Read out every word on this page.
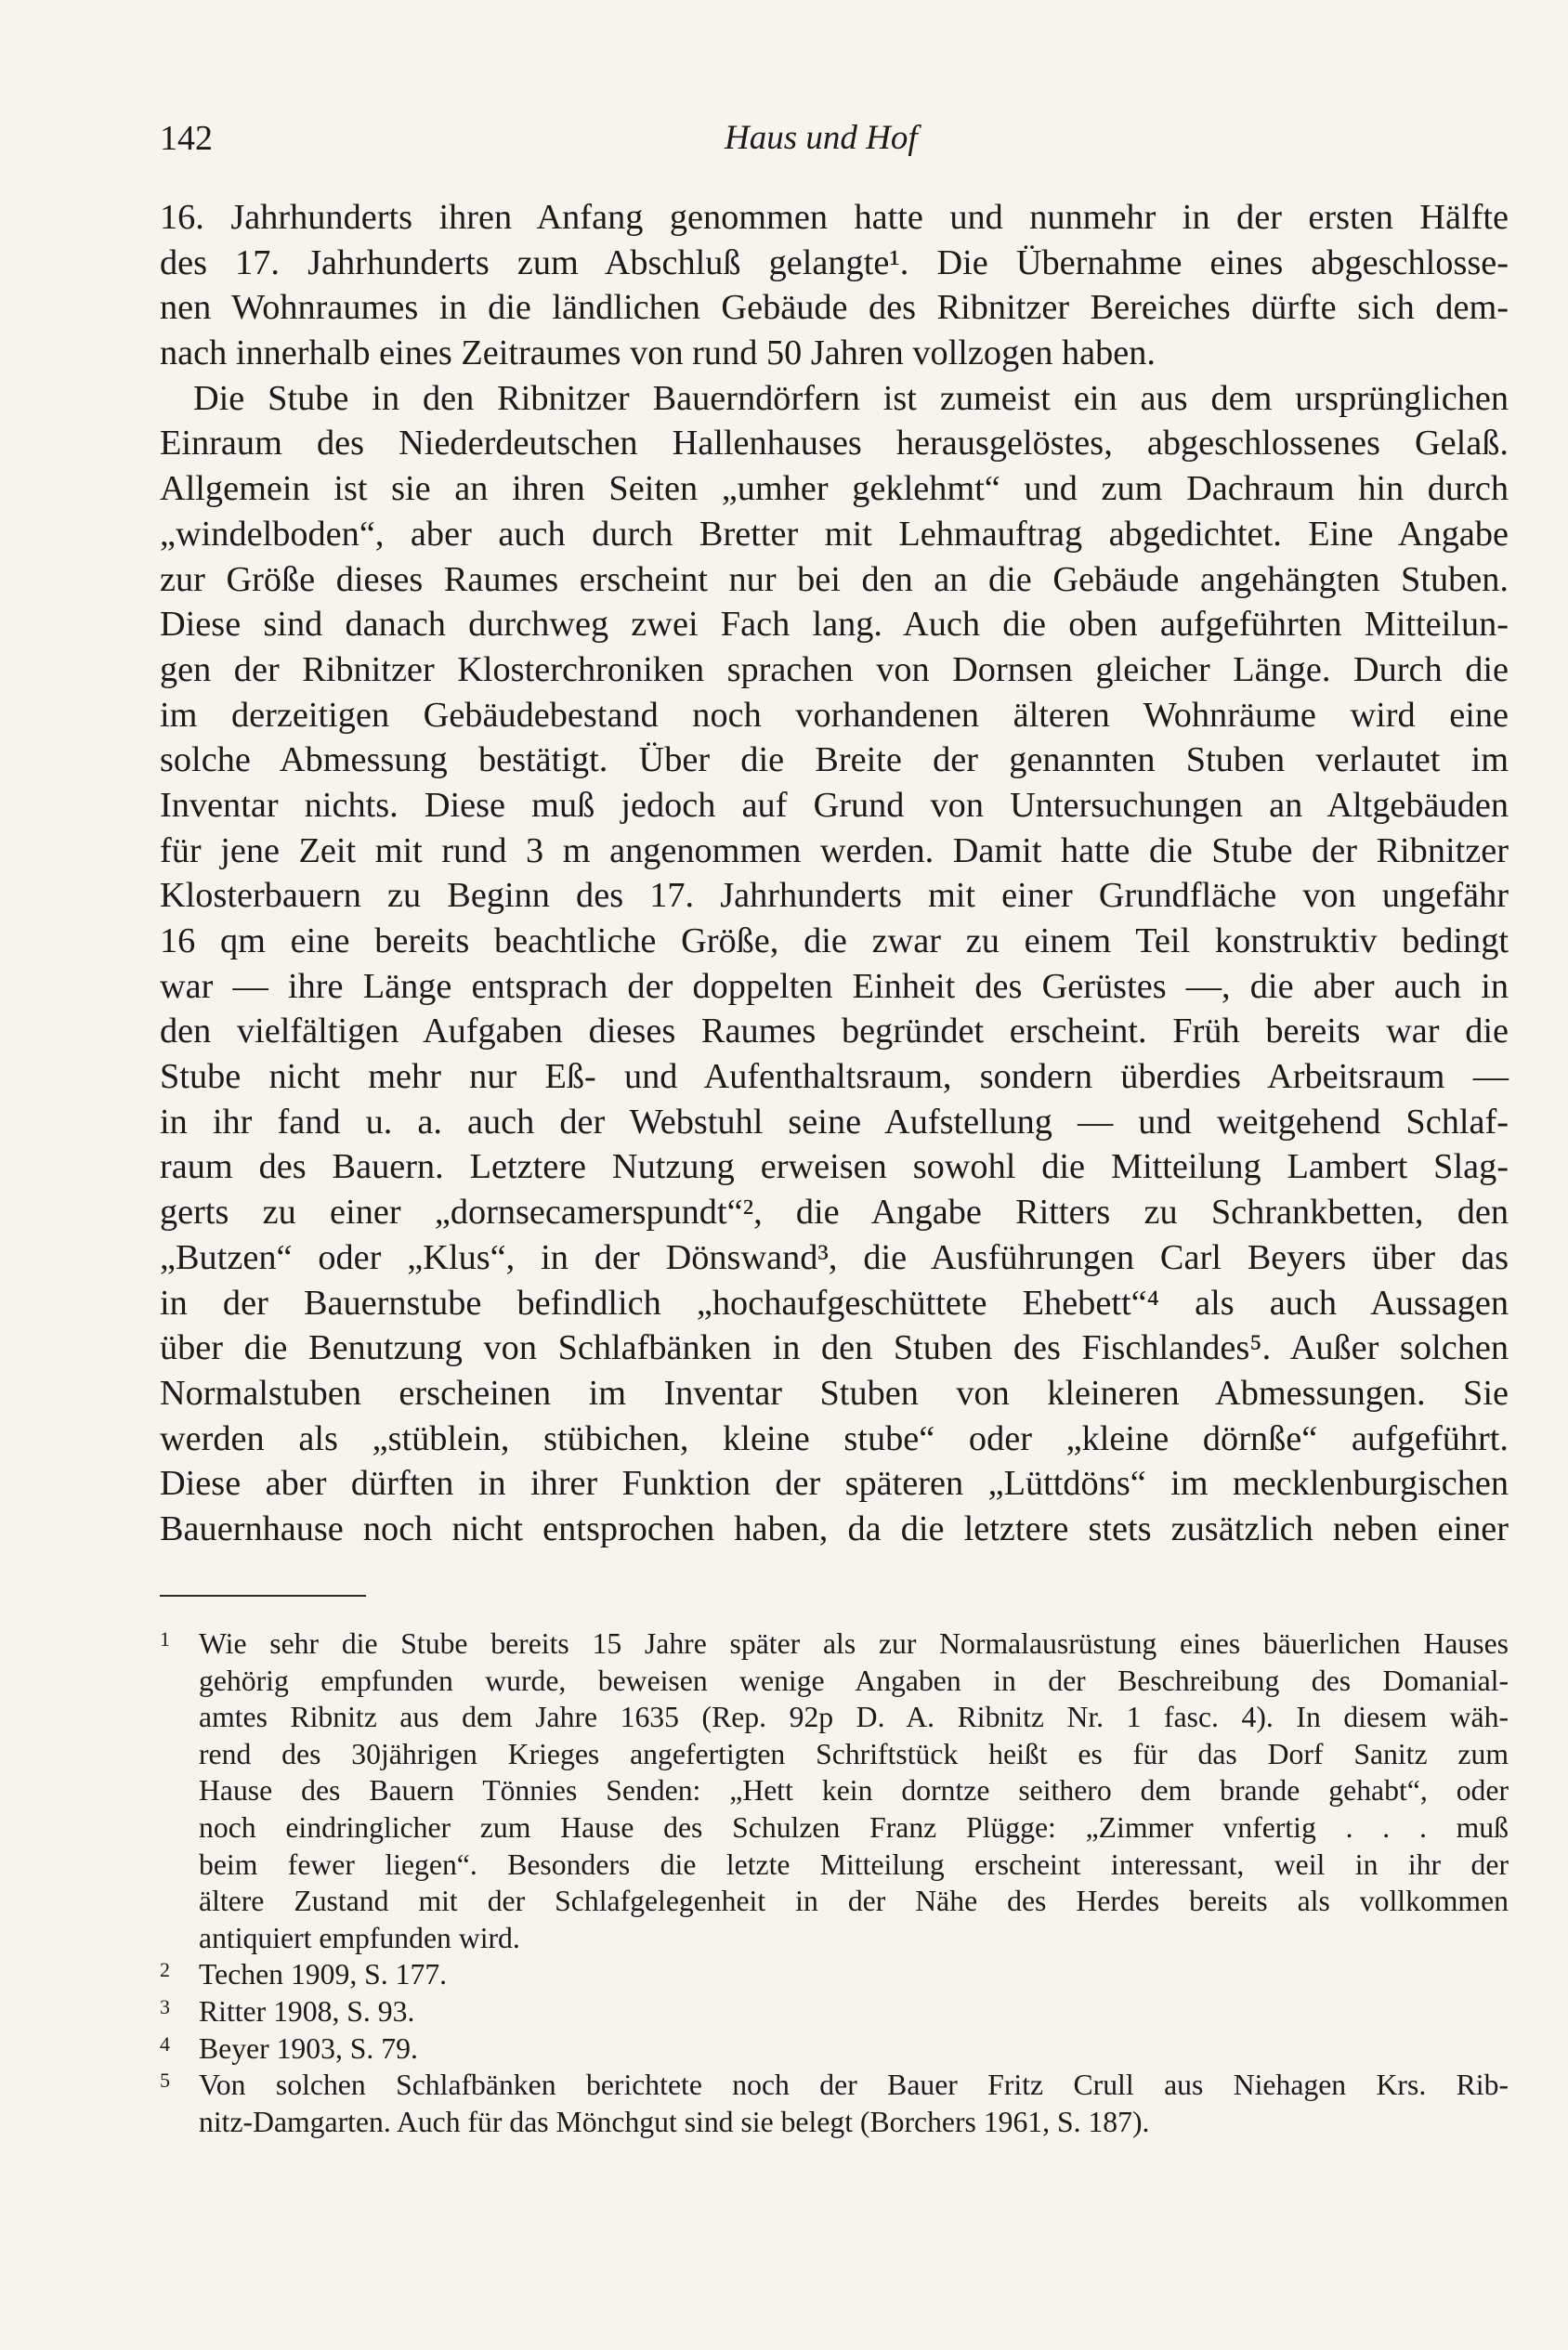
142	Haus und Hof
16. Jahrhunderts ihren Anfang genommen hatte und nunmehr in der ersten Hälfte
des 17. Jahrhunderts zum Abschluß gelangte¹. Die Übernahme eines abgeschlosse-
nen Wohnraumes in die ländlichen Gebäude des Ribnitzer Bereiches dürfte sich dem-
nach innerhalb eines Zeitraumes von rund 50 Jahren vollzogen haben.
Die Stube in den Ribnitzer Bauerndörfern ist zumeist ein aus dem ursprünglichen
Einraum des Niederdeutschen Hallenhauses herausgelöstes, abgeschlossenes Gelaß.
Allgemein ist sie an ihren Seiten „umher geklehmt“ und zum Dachraum hin durch
„windelboden“, aber auch durch Bretter mit Lehmauftrag abgedichtet. Eine Angabe
zur Größe dieses Raumes erscheint nur bei den an die Gebäude angehängten Stuben.
Diese sind danach durchweg zwei Fach lang. Auch die oben aufgeführten Mitteilun-
gen der Ribnitzer Klosterchroniken sprachen von Dornsen gleicher Länge. Durch die
im derzeitigen Gebäudebestand noch vorhandenen älteren Wohnräume wird eine
solche Abmessung bestätigt. Über die Breite der genannten Stuben verlautet im
Inventar nichts. Diese muß jedoch auf Grund von Untersuchungen an Altgebäuden
für jene Zeit mit rund 3 m angenommen werden. Damit hatte die Stube der Ribnitzer
Klosterbauern zu Beginn des 17. Jahrhunderts mit einer Grundfläche von ungefähr
16 qm eine bereits beachtliche Größe, die zwar zu einem Teil konstruktiv bedingt
war — ihre Länge entsprach der doppelten Einheit des Gerüstes —, die aber auch in
den vielfältigen Aufgaben dieses Raumes begründet erscheint. Früh bereits war die
Stube nicht mehr nur Eß- und Aufenthaltsraum, sondern überdies Arbeitsraum —
in ihr fand u. a. auch der Webstuhl seine Aufstellung — und weitgehend Schlaf-
raum des Bauern. Letztere Nutzung erweisen sowohl die Mitteilung Lambert Slag-
gerts zu einer „dornsecamerspundt“², die Angabe Ritters zu Schrankbetten, den
„Butzen“ oder „Klus“, in der Dönswand³, die Ausführungen Carl Beyers über das
in der Bauernstube befindlich „hochaufgeschüttete Ehebett“⁴ als auch Aussagen
über die Benutzung von Schlafbänken in den Stuben des Fischlandes⁵. Außer solchen
Normalstuben erscheinen im Inventar Stuben von kleineren Abmessungen. Sie
werden als „stüblein, stübichen, kleine stube“ oder „kleine dörnße“ aufgeführt.
Diese aber dürften in ihrer Funktion der späteren „Lüttdöns“ im mecklenburgischen
Bauernhause noch nicht entsprochen haben, da die letztere stets zusätzlich neben einer
1 Wie sehr die Stube bereits 15 Jahre später als zur Normalausrüstung eines bäuerlichen Hauses
gehörig empfunden wurde, beweisen wenige Angaben in der Beschreibung des Domanial-
amtes Ribnitz aus dem Jahre 1635 (Rep. 92p D. A. Ribnitz Nr. 1 fasc. 4). In diesem wäh-
rend des 30jährigen Krieges angefertigten Schriftstück heißt es für das Dorf Sanitz zum
Hause des Bauern Tönnies Senden: „Hett kein dorntze seithero dem brande gehabt“, oder
noch eindringlicher zum Hause des Schulzen Franz Plügge: „Zimmer vnfertig . . . muß
beim fewer liegen“. Besonders die letzte Mitteilung erscheint interessant, weil in ihr der
ältere Zustand mit der Schlafgelegenheit in der Nähe des Herdes bereits als vollkommen
antiquiert empfunden wird.
2 Techen 1909, S. 177.
3 Ritter 1908, S. 93.
4 Beyer 1903, S. 79.
5 Von solchen Schlafbänken berichtete noch der Bauer Fritz Crull aus Niehagen Krs. Rib-
nitz-Damgarten. Auch für das Mönchgut sind sie belegt (Borchers 1961, S. 187).
